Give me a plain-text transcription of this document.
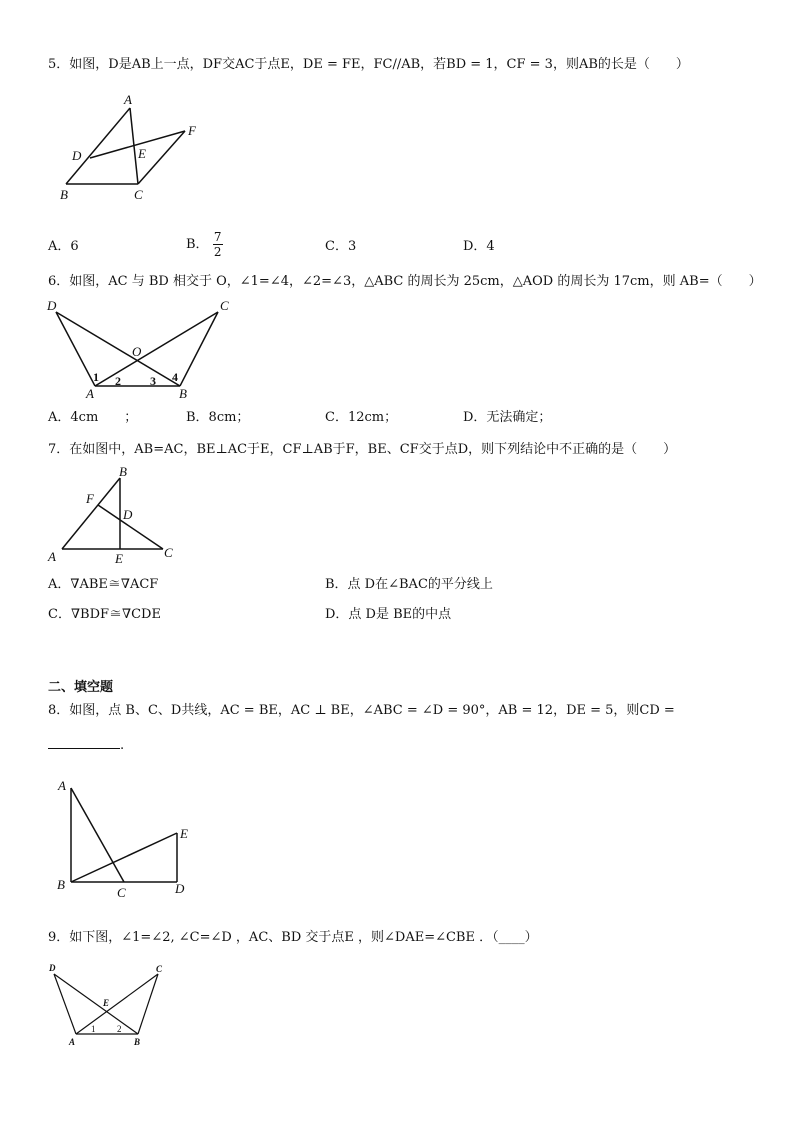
5．如图，D是AB上一点，DF交AC于点E，DE = FE，FC//AB，若BD = 1，CF = 3，则AB的长是（　　）
A
B	C
D	E
F
A．6	B． $\frac{7}{2}$	C．3	D．4
6．如图，AC 与 BD 相交于 O，∠1=∠4，∠2=∠3，△ABC 的周长为 25cm，△AOD 的周长为 17cm，则 AB=（　　）
D	C
O
A	B
1 2 3 4
A．4cm　　；	B．8cm；	C．12cm；	D．无法确定；
7．在如图中，AB=AC，BE⊥AC于E，CF⊥AB于F，BE、CF交于点D，则下列结论中不正确的是（　　）
B
F
D
A	E	C
A．∇ABE≅∇ACF	B．点 D在∠BAC的平分线上
C．∇BDF≅∇CDE	D．点 D是 BE的中点
二、填空题
8．如图，点 B、C、D共线，AC = BE，AC ⊥ BE，∠ABC = ∠D = 90°，AB = 12，DE = 5，则CD =
.
A
B
C	D
E
9．如下图，∠1=∠2, ∠C=∠D ，AC、BD 交于点E ，则∠DAE=∠CBE ．（____）
D	C
E
A	B
1 2
